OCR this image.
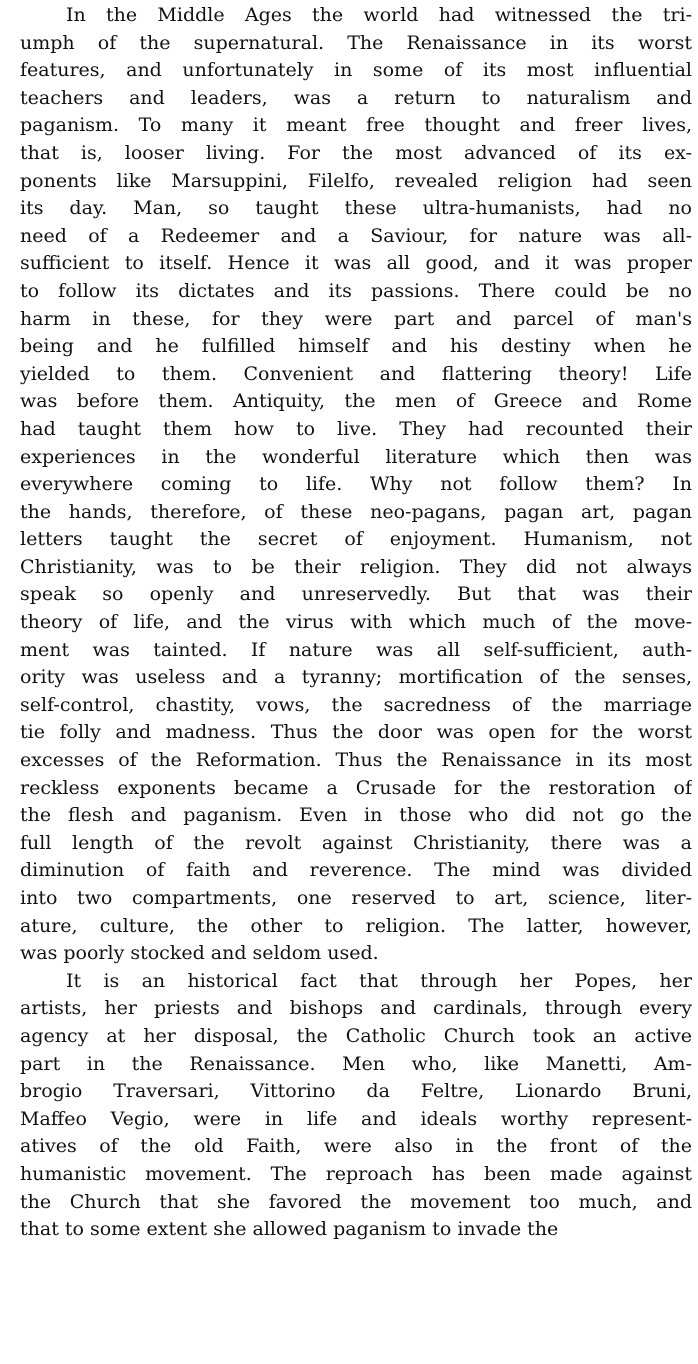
In the Middle Ages the world had witnessed the tri-
umph of the supernatural. The Renaissance in its worst
features, and unfortunately in some of its most influential
teachers and leaders, was a return to naturalism and
paganism. To many it meant free thought and freer lives,
that is, looser living. For the most advanced of its ex-
ponents like Marsuppini, Filelfo, revealed religion had seen
its day. Man, so taught these ultra-humanists, had no
need of a Redeemer and a Saviour, for nature was all-
sufficient to itself. Hence it was all good, and it was proper
to follow its dictates and its passions. There could be no
harm in these, for they were part and parcel of man's
being and he fulfilled himself and his destiny when he
yielded to them. Convenient and flattering theory! Life
was before them. Antiquity, the men of Greece and Rome
had taught them how to live. They had recounted their
experiences in the wonderful literature which then was
everywhere coming to life. Why not follow them? In
the hands, therefore, of these neo-pagans, pagan art, pagan
letters taught the secret of enjoyment. Humanism, not
Christianity, was to be their religion. They did not always
speak so openly and unreservedly. But that was their
theory of life, and the virus with which much of the move-
ment was tainted. If nature was all self-sufficient, auth-
ority was useless and a tyranny; mortification of the senses,
self-control, chastity, vows, the sacredness of the marriage
tie folly and madness. Thus the door was open for the worst
excesses of the Reformation. Thus the Renaissance in its most
reckless exponents became a Crusade for the restoration of
the flesh and paganism. Even in those who did not go the
full length of the revolt against Christianity, there was a
diminution of faith and reverence. The mind was divided
into two compartments, one reserved to art, science, liter-
ature, culture, the other to religion. The latter, however,
was poorly stocked and seldom used.
It is an historical fact that through her Popes, her
artists, her priests and bishops and cardinals, through every
agency at her disposal, the Catholic Church took an active
part in the Renaissance. Men who, like Manetti, Am-
brogio Traversari, Vittorino da Feltre, Lionardo Bruni,
Maffeo Vegio, were in life and ideals worthy represent-
atives of the old Faith, were also in the front of the
humanistic movement. The reproach has been made against
the Church that she favored the movement too much, and
that to some extent she allowed paganism to invade the
